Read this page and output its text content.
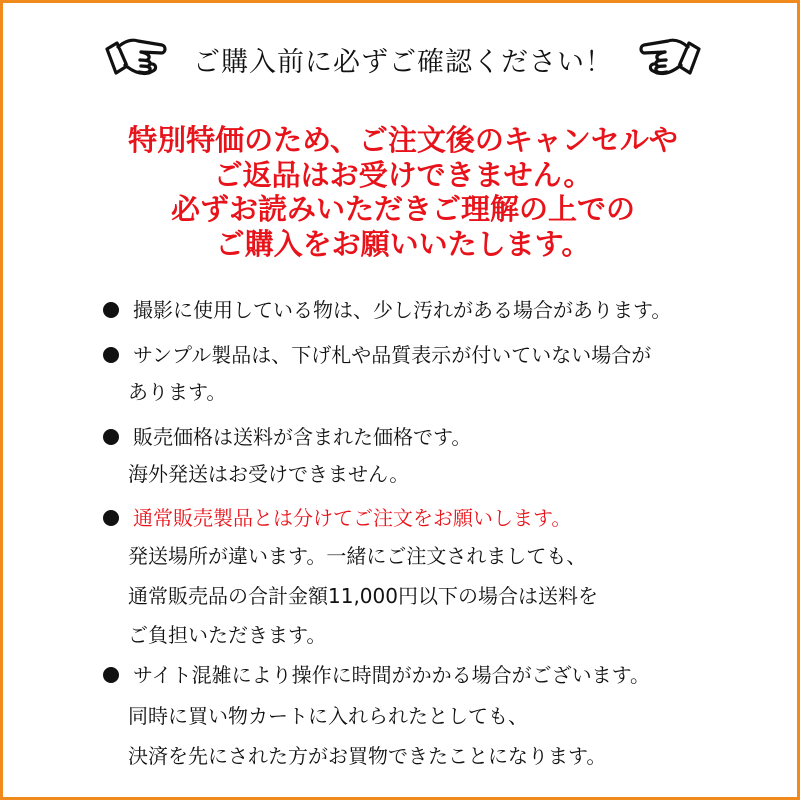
ご購入前に必ずご確認ください！
特別特価のため、ご注文後のキャンセルや
ご返品はお受けできません。
必ずお読みいただきご理解の上での
ご購入をお願いいたします。
撮影に使用している物は、少し汚れがある場合があります。
サンプル製品は、下げ札や品質表示が付いていない場合が
あります。
販売価格は送料が含まれた価格です。
海外発送はお受けできません。
通常販売製品とは分けてご注文をお願いします。
発送場所が違います。一緒にご注文されましても、
通常販売品の合計金額11,000円以下の場合は送料を
ご負担いただきます。
サイト混雑により操作に時間がかかる場合がございます。
同時に買い物カートに入れられたとしても、
決済を先にされた方がお買物できたことになります。
